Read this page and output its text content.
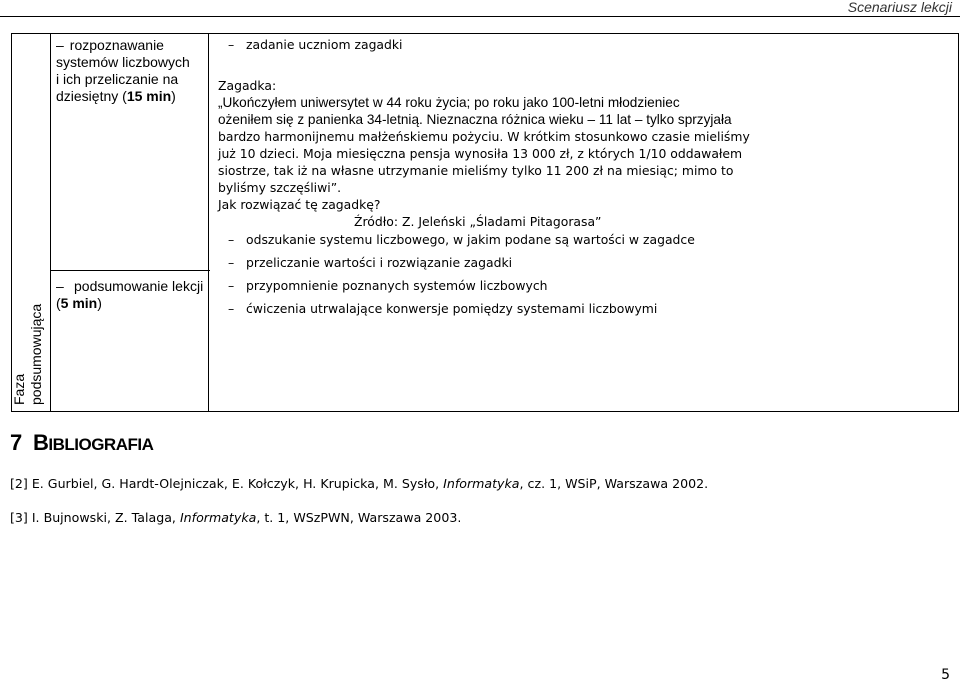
Scenariusz lekcji
– rozpoznawanie
systemów liczbowych
i ich przeliczanie na
dziesiętny (15 min)
– zadanie uczniom zagadki
Zagadka:
„Ukończyłem uniwersytet w 44 roku życia; po roku jako 100-letni młodzieniec
ożeniłem się z panienka 34-letnią. Nieznaczna różnica wieku – 11 lat – tylko sprzyjała
bardzo harmonijnemu małżeńskiemu pożyciu. W krótkim stosunkowo czasie mieliśmy
już 10 dzieci. Moja miesięczna pensja wynosiła 13 000 zł, z których 1/10 oddawałem
siostrze, tak iż na własne utrzymanie mieliśmy tylko 11 200 zł na miesiąc; mimo to
byliśmy szczęśliwi”.
Jak rozwiązać tę zagadkę?
Źródło: Z. Jeleński „Śladami Pitagorasa”
– odszukanie systemu liczbowego, w jakim podane są wartości w zagadce
– przeliczanie wartości i rozwiązanie zagadki
Faza podsumowująca
– podsumowanie lekcji
(5 min)
– przypomnienie poznanych systemów liczbowych
– ćwiczenia utrwalające konwersje pomiędzy systemami liczbowymi
7 BIBLIOGRAFIA
[2] E. Gurbiel, G. Hardt-Olejniczak, E. Kołczyk, H. Krupicka, M. Sysło, Informatyka, cz. 1, WSiP, Warszawa 2002.
[3] I. Bujnowski, Z. Talaga, Informatyka, t. 1, WSzPWN, Warszawa 2003.
5
